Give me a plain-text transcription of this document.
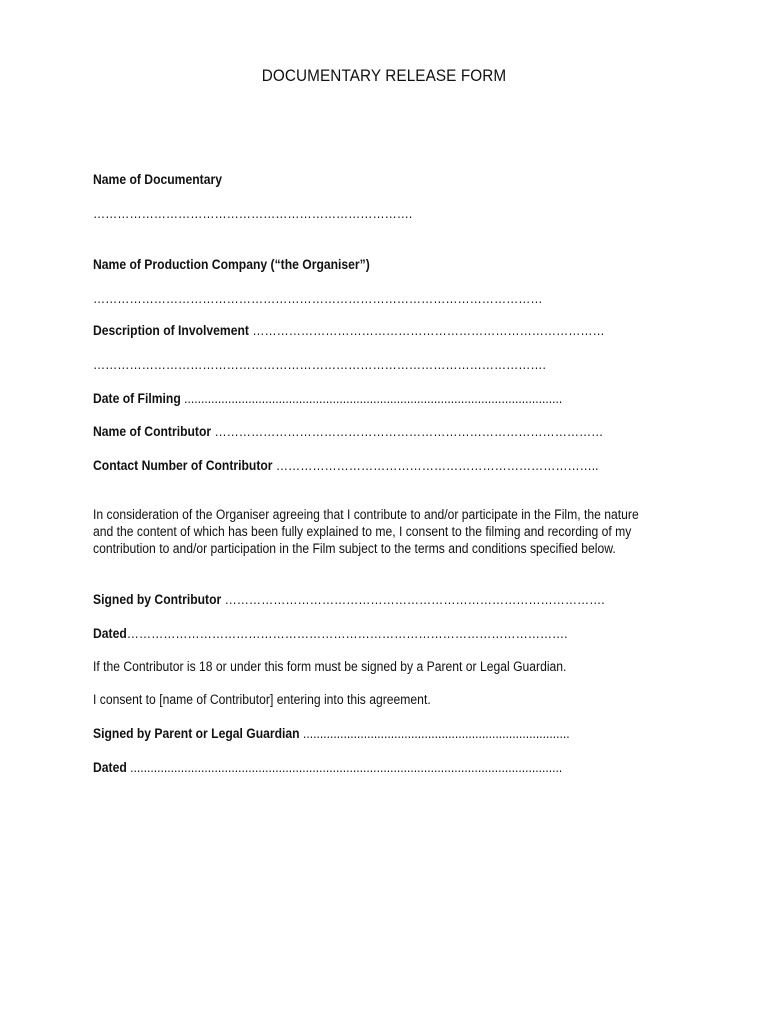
DOCUMENTARY RELEASE FORM
Name of Documentary
…………………………………………………………………….
Name of Production Company (“the Organiser”)
…………………………………………………………………………………………………
Description of Involvement ……………………………………………………………………………
………………………………………………………………………………………………….
Date of Filming ................................................................................................................
Name of Contributor ……………………………………………………………………………………
Contact Number of Contributor ……………………………………………………………………..
In consideration of the Organiser agreeing that I contribute to and/or participate in the Film, the nature
and the content of which has been fully explained to me, I consent to the filming and recording of my
contribution to and/or participation in the Film subject to the terms and conditions specified below.
Signed by Contributor ………………………………………………………………………………….
Dated……………………………………………………………………………………………….
If the Contributor is 18 or under this form must be signed by a Parent or Legal Guardian.
I consent to [name of Contributor] entering into this agreement.
Signed by Parent or Legal Guardian ...............................................................................
Dated ................................................................................................................................
